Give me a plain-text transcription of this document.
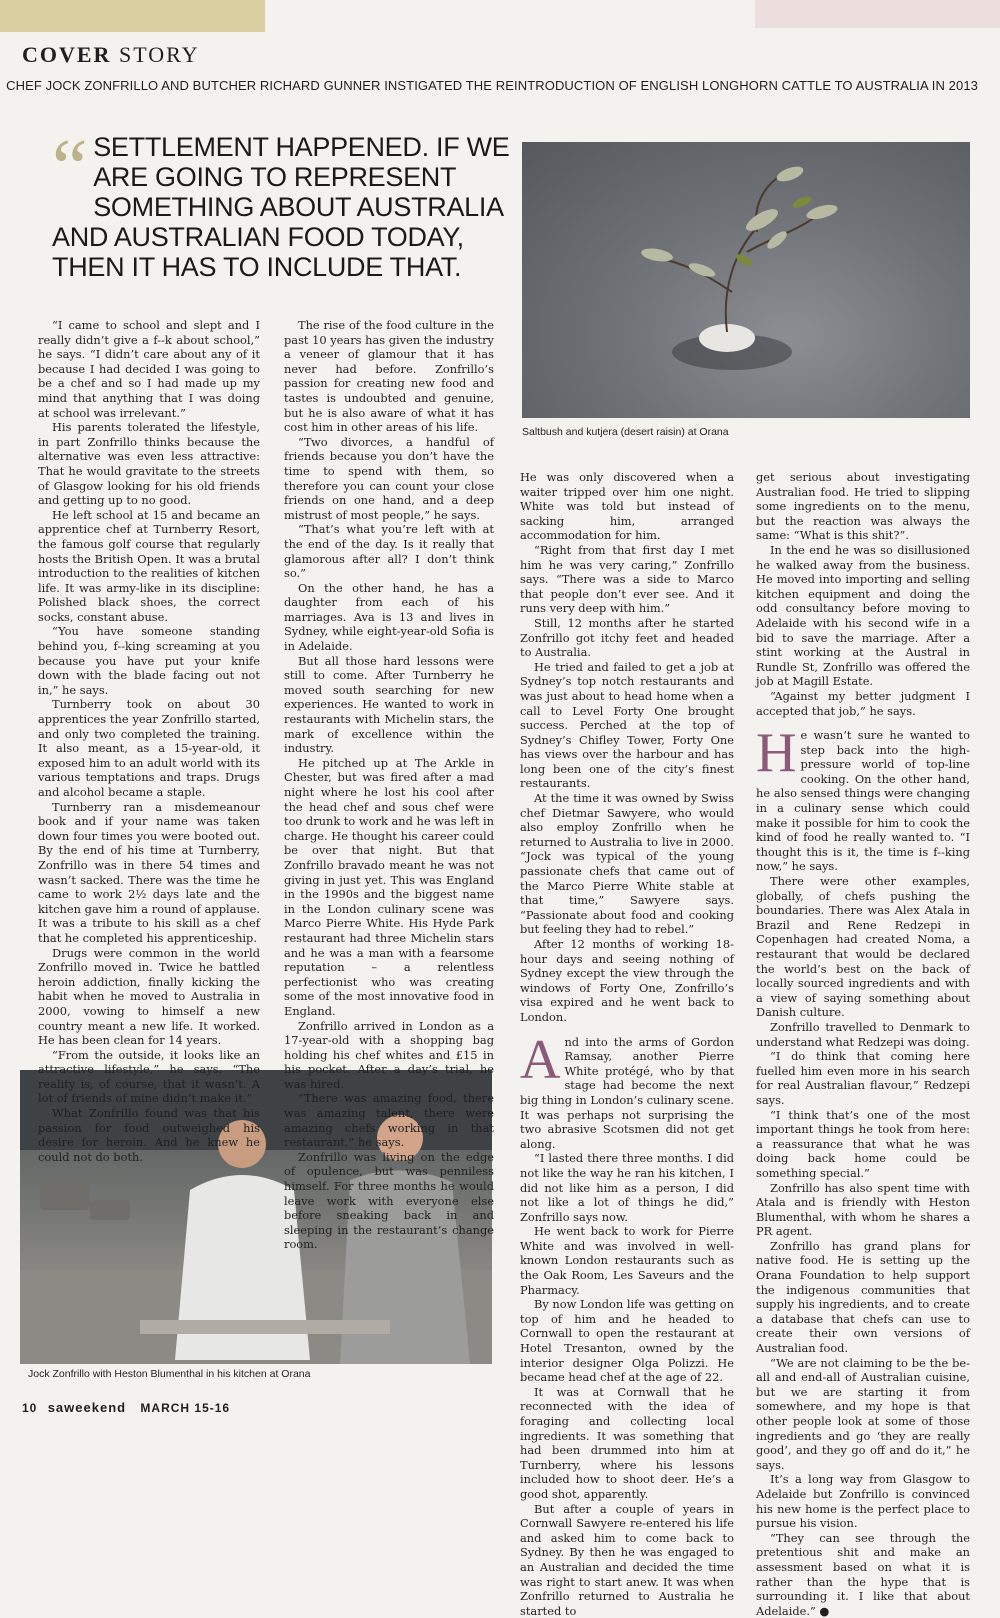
COVER STORY
CHEF JOCK ZONFRILLO AND BUTCHER RICHARD GUNNER INSTIGATED THE REINTRODUCTION OF ENGLISH LONGHORN CATTLE TO AUSTRALIA IN 2013
“ SETTLEMENT HAPPENED. IF WE ARE GOING TO REPRESENT SOMETHING ABOUT AUSTRALIA AND AUSTRALIAN FOOD TODAY, THEN IT HAS TO INCLUDE THAT.
Saltbush and kutjera (desert raisin) at Orana
Jock Zonfrillo with Heston Blumenthal in his kitchen at Orana

“I came to school and slept and I really didn’t give a f--k about school,” he says. “I didn’t care about any of it because I had decided I was going to be a chef and so I had made up my mind that anything that I was doing at school was irrelevant.”

His parents tolerated the lifestyle, in part Zonfrillo thinks because the alternative was even less attractive: That he would gravitate to the streets of Glasgow looking for his old friends and getting up to no good.

He left school at 15 and became an apprentice chef at Turnberry Resort, the famous golf course that regularly hosts the British Open. It was a brutal introduction to the realities of kitchen life. It was army-like in its discipline: Polished black shoes, the correct socks, constant abuse.

“You have someone standing behind you, f--king screaming at you because you have put your knife down with the blade facing out not in,” he says.

Turnberry took on about 30 apprentices the year Zonfrillo started, and only two completed the training. It also meant, as a 15-year-old, it exposed him to an adult world with its various temptations and traps. Drugs and alcohol became a staple.

Turnberry ran a misdemeanour book and if your name was taken down four times you were booted out. By the end of his time at Turnberry, Zonfrillo was in there 54 times and wasn’t sacked. There was the time he came to work 2½ days late and the kitchen gave him a round of applause. It was a tribute to his skill as a chef that he completed his apprenticeship.

Drugs were common in the world Zonfrillo moved in. Twice he battled heroin addiction, finally kicking the habit when he moved to Australia in 2000, vowing to himself a new country meant a new life. It worked. He has been clean for 14 years.

“From the outside, it looks like an attractive lifestyle,” he says. “The reality is, of course, that it wasn’t. A lot of friends of mine didn’t make it.”

What Zonfrillo found was that his passion for food outweighed his desire for heroin. And he knew he could not do both.

The rise of the food culture in the past 10 years has given the industry a veneer of glamour that it has never had before. Zonfrillo’s passion for creating new food and tastes is undoubted and genuine, but he is also aware of what it has cost him in other areas of his life.

“Two divorces, a handful of friends because you don’t have the time to spend with them, so therefore you can count your close friends on one hand, and a deep mistrust of most people,” he says.

“That’s what you’re left with at the end of the day. Is it really that glamorous after all? I don’t think so.”

On the other hand, he has a daughter from each of his marriages. Ava is 13 and lives in Sydney, while eight-year-old Sofia is in Adelaide.

But all those hard lessons were still to come. After Turnberry he moved south searching for new experiences. He wanted to work in restaurants with Michelin stars, the mark of excellence within the industry.

He pitched up at The Arkle in Chester, but was fired after a mad night where he lost his cool after the head chef and sous chef were too drunk to work and he was left in charge. He thought his career could be over that night. But that Zonfrillo bravado meant he was not giving in just yet. This was England in the 1990s and the biggest name in the London culinary scene was Marco Pierre White. His Hyde Park restaurant had three Michelin stars and he was a man with a fearsome reputation – a relentless perfectionist who was creating some of the most innovative food in England.

Zonfrillo arrived in London as a 17-year-old with a shopping bag holding his chef whites and £15 in his pocket. After a day’s trial, he was hired.

“There was amazing food, there was amazing talent, there were amazing chefs working in that restaurant,” he says.

Zonfrillo was living on the edge of opulence, but was penniless himself. For three months he would leave work with everyone else before sneaking back in and sleeping in the restaurant’s change room.

He was only discovered when a waiter tripped over him one night. White was told but instead of sacking him, arranged accommodation for him.

“Right from that first day I met him he was very caring,” Zonfrillo says. “There was a side to Marco that people don’t ever see. And it runs very deep with him.”

Still, 12 months after he started Zonfrillo got itchy feet and headed to Australia.

He tried and failed to get a job at Sydney’s top notch restaurants and was just about to head home when a call to Level Forty One brought success. Perched at the top of Sydney’s Chifley Tower, Forty One has views over the harbour and has long been one of the city’s finest restaurants.

At the time it was owned by Swiss chef Dietmar Sawyere, who would also employ Zonfrillo when he returned to Australia to live in 2000. “Jock was typical of the young passionate chefs that came out of the Marco Pierre White stable at that time,” Sawyere says. “Passionate about food and cooking but feeling they had to rebel.”

After 12 months of working 18-hour days and seeing nothing of Sydney except the view through the windows of Forty One, Zonfrillo’s visa expired and he went back to London.

And into the arms of Gordon Ramsay, another Pierre White protégé, who by that stage had become the next big thing in London’s culinary scene. It was perhaps not surprising the two abrasive Scotsmen did not get along.

“I lasted there three months. I did not like the way he ran his kitchen, I did not like him as a person, I did not like a lot of things he did,” Zonfrillo says now.

He went back to work for Pierre White and was involved in well-known London restaurants such as the Oak Room, Les Saveurs and the Pharmacy.

By now London life was getting on top of him and he headed to Cornwall to open the restaurant at Hotel Tresanton, owned by the interior designer Olga Polizzi. He became head chef at the age of 22.

It was at Cornwall that he reconnected with the idea of foraging and collecting local ingredients. It was something that had been drummed into him at Turnberry, where his lessons included how to shoot deer. He’s a good shot, apparently.

But after a couple of years in Cornwall Sawyere re-entered his life and asked him to come back to Sydney. By then he was engaged to an Australian and decided the time was right to start anew. It was when Zonfrillo returned to Australia he started to

get serious about investigating Australian food. He tried to slipping some ingredients on to the menu, but the reaction was always the same: “What is this shit?”.

In the end he was so disillusioned he walked away from the business. He moved into importing and selling kitchen equipment and doing the odd consultancy before moving to Adelaide with his second wife in a bid to save the marriage. After a stint working at the Austral in Rundle St, Zonfrillo was offered the job at Magill Estate.

“Against my better judgment I accepted that job,” he says.

He wasn’t sure he wanted to step back into the high-pressure world of top-line cooking. On the other hand, he also sensed things were changing in a culinary sense which could make it possible for him to cook the kind of food he really wanted to. “I thought this is it, the time is f--king now,” he says.

There were other examples, globally, of chefs pushing the boundaries. There was Alex Atala in Brazil and Rene Redzepi in Copenhagen had created Noma, a restaurant that would be declared the world’s best on the back of locally sourced ingredients and with a view of saying something about Danish culture.

Zonfrillo travelled to Denmark to understand what Redzepi was doing.

“I do think that coming here fuelled him even more in his search for real Australian flavour,” Redzepi says.

“I think that’s one of the most important things he took from here: a reassurance that what he was doing back home could be something special.”

Zonfrillo has also spent time with Atala and is friendly with Heston Blumenthal, with whom he shares a PR agent.

Zonfrillo has grand plans for native food. He is setting up the Orana Foundation to help support the indigenous communities that supply his ingredients, and to create a database that chefs can use to create their own versions of Australian food.

“We are not claiming to be the be-all and end-all of Australian cuisine, but we are starting it from somewhere, and my hope is that other people look at some of those ingredients and go ‘they are really good’, and they go off and do it,” he says.

It’s a long way from Glasgow to Adelaide but Zonfrillo is convinced his new home is the perfect place to pursue his vision.

“They can see through the pretentious shit and make an assessment based on what it is rather than the hype that is surrounding it. I like that about Adelaide.” ●

10 saweekend MARCH 15-16
